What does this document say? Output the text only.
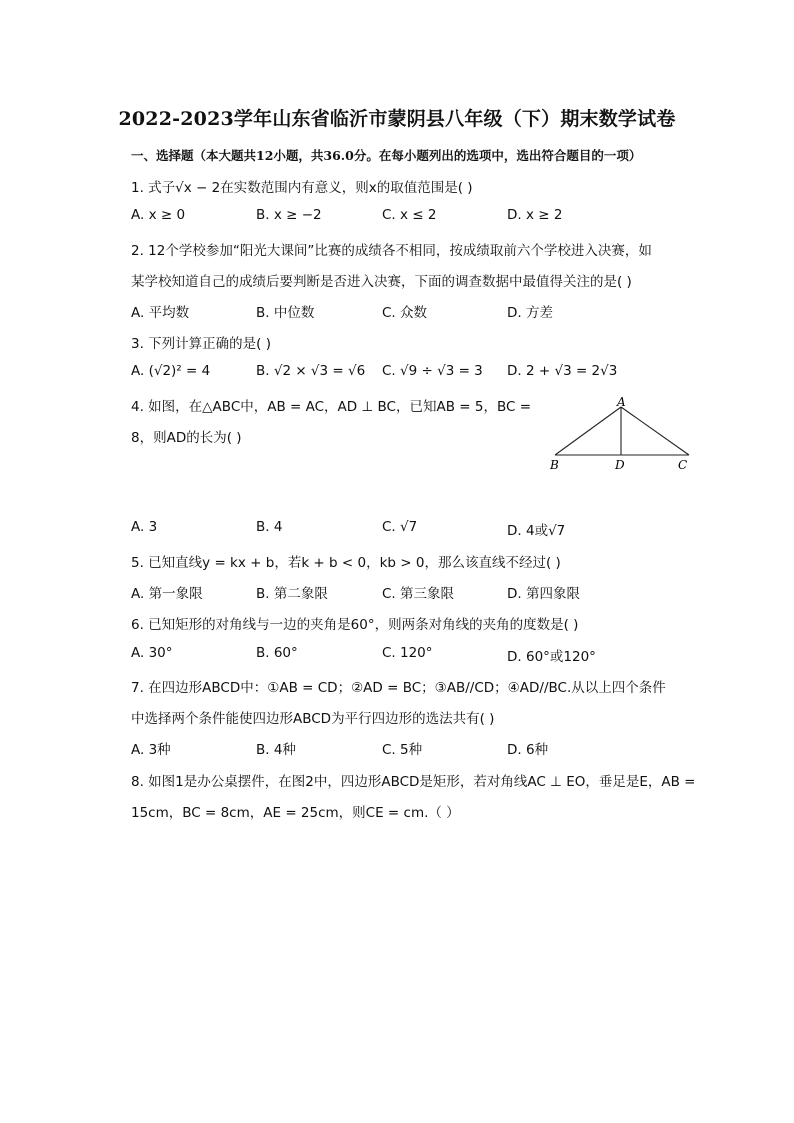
2022-2023学年山东省临沂市蒙阴县八年级（下）期末数学试卷
一、选择题（本大题共12小题，共36.0分。在每小题列出的选项中，选出符合题目的一项）
1. 式子√x − 2在实数范围内有意义，则x的取值范围是( )
A. x ≥ 0	B. x ≥ −2	C. x ≤ 2	D. x ≥ 2
2. 12个学校参加“阳光大课间”比赛的成绩各不相同，按成绩取前六个学校进入决赛，如
某学校知道自己的成绩后要判断是否进入决赛，下面的调查数据中最值得关注的是( )
A. 平均数	B. 中位数	C. 众数	D. 方差
3. 下列计算正确的是( )
A. (√2)² = 4	B. √2 × √3 = √6 C. √9 ÷ √3 = 3 D. 2 + √3 = 2√3
4. 如图，在△ABC中，AB = AC，AD ⊥ BC，已知AB = 5，BC =
8，则AD的长为( )
A
B	D	C
A. 3	B. 4	C. √7	D. 4或√7
5. 已知直线y = kx + b，若k + b < 0，kb > 0，那么该直线不经过( )
A. 第一象限	B. 第二象限	C. 第三象限	D. 第四象限
6. 已知矩形的对角线与一边的夹角是60°，则两条对角线的夹角的度数是( )
A. 30°	B. 60°	C. 120°	D. 60°或120°
7. 在四边形ABCD中：①AB = CD；②AD = BC；③AB//CD；④AD//BC.从以上四个条件
中选择两个条件能使四边形ABCD为平行四边形的选法共有( )
A. 3种	B. 4种	C. 5种	D. 6种
8. 如图1是办公桌摆件，在图2中，四边形ABCD是矩形，若对角线AC ⊥ EO，垂足是E，AB =
15cm，BC = 8cm，AE = 25cm，则CE = cm.（ ）
